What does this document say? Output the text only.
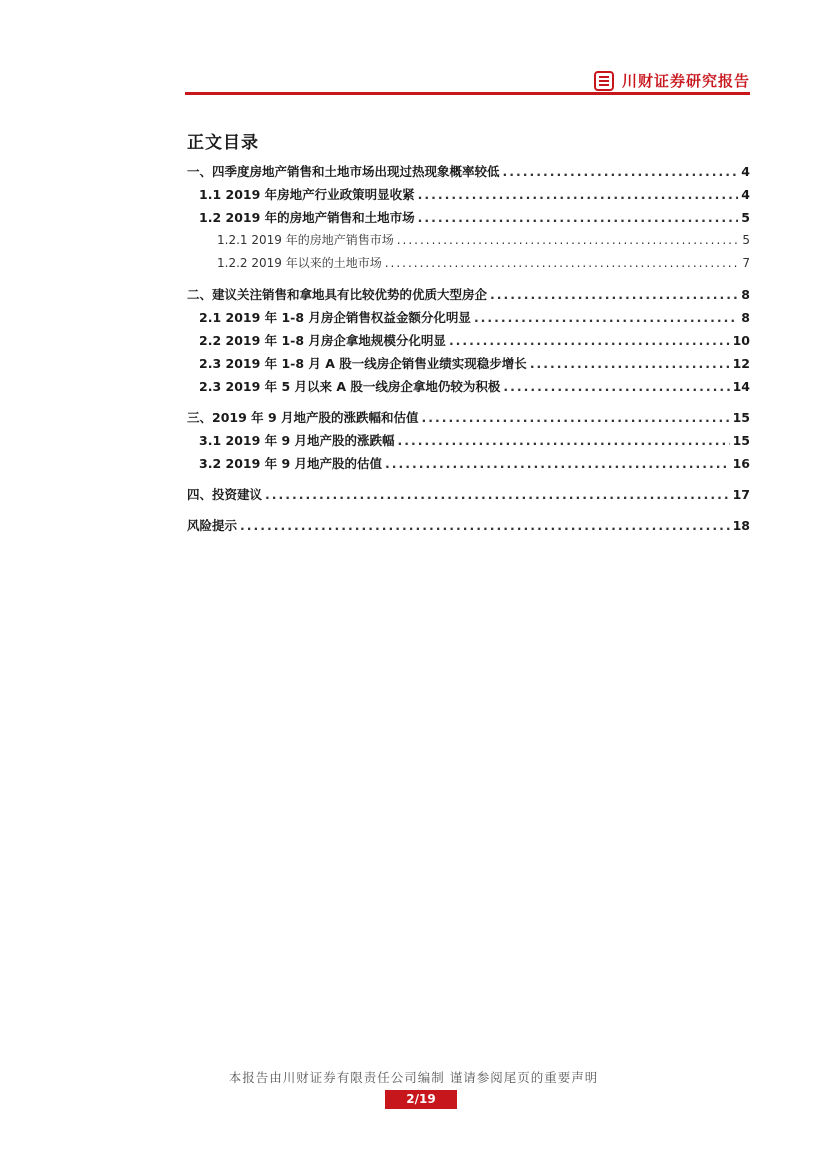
川财证券研究报告
正文目录
一、四季度房地产销售和土地市场出现过热现象概率较低 .....	4
1.1 2019 年房地产行业政策明显收紧 .....	4
1.2 2019 年的房地产销售和土地市场 .....	5
1.2.1 2019 年的房地产销售市场 .....	5
1.2.2 2019 年以来的土地市场 .....	7
二、建议关注销售和拿地具有比较优势的优质大型房企 .....	8
2.1 2019 年 1-8 月房企销售权益金额分化明显 .....	8
2.2 2019 年 1-8 月房企拿地规模分化明显 .....	10
2.3 2019 年 1-8 月 A 股一线房企销售业绩实现稳步增长 .....	12
2.3 2019 年 5 月以来 A 股一线房企拿地仍较为积极 .....	14
三、2019 年 9 月地产股的涨跌幅和估值 .....	15
3.1 2019 年 9 月地产股的涨跌幅 .....	15
3.2 2019 年 9 月地产股的估值 .....	16
四、投资建议 .....	17
风险提示 .....	18
本报告由川财证券有限责任公司编制 谨请参阅尾页的重要声明
2/19
